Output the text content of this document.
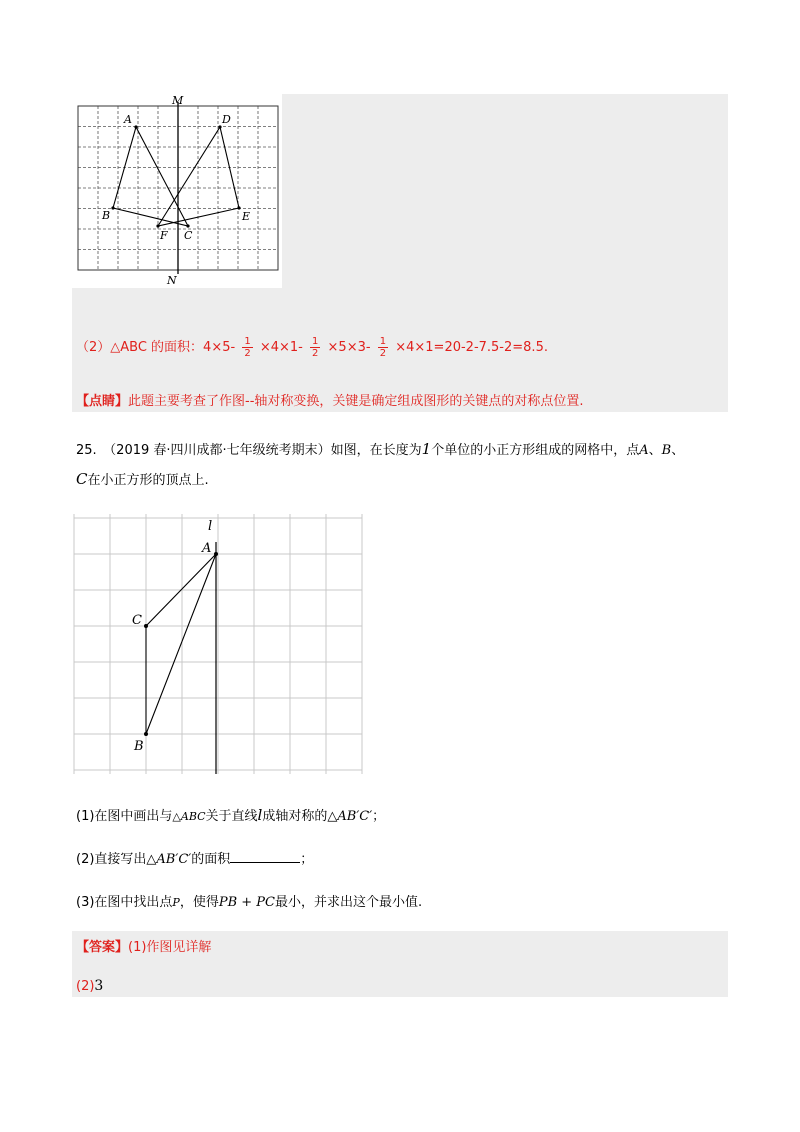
M
N
A	D
B	E
F C
（2）△ABC 的面积：$4\times 5- \frac{1}{2} \times 4\times 1- \frac{1}{2} \times 5\times 3- \frac{1}{2} \times 4\times 1=20-2-7.5-2=8.5$.
【点睛】此题主要考查了作图--轴对称变换，关键是确定组成图形的关键点的对称点位置.
25.　（2019 春·四川成都·七年级统考期末）如图，在长度为1个单位的小正方形组成的网格中，点A、B、
C在小正方形的顶点上.
l
A
C
B
(1)在图中画出与△ABC关于直线l成轴对称的△AB′C′；
(2)直接写出△AB′C′的面积	；
(3)在图中找出点P，使得PB + PC最小，并求出这个最小值.
【答案】(1)作图见详解
(2)3
